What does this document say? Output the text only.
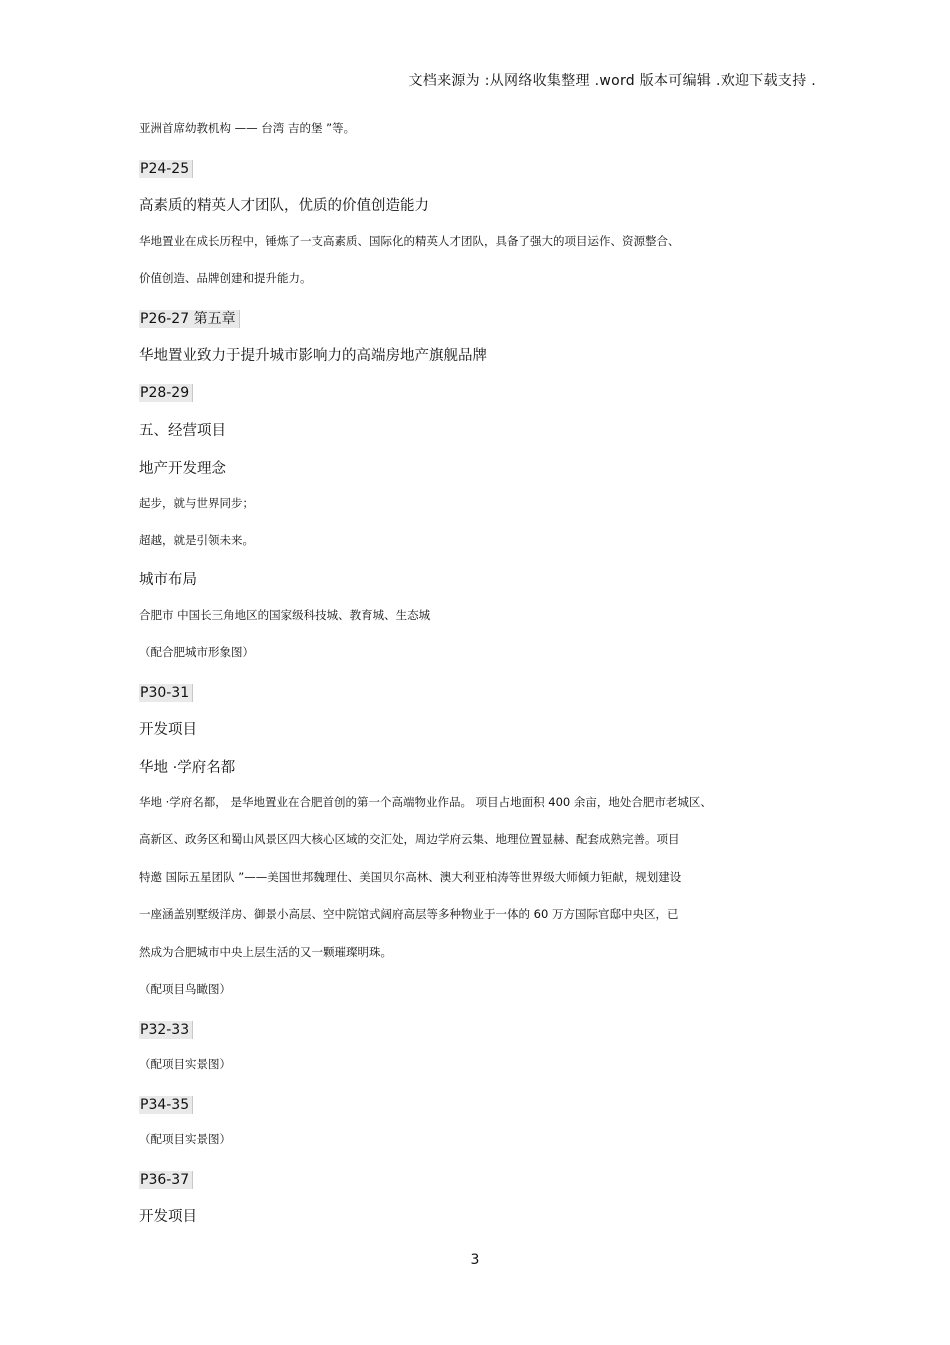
文档来源为 :从网络收集整理 .word 版本可编辑 .欢迎下载支持 .
亚洲首席幼教机构 —— 台湾 吉的堡 ”等。
P24-25
高素质的精英人才团队，优质的价值创造能力
华地置业在成长历程中，锤炼了一支高素质、国际化的精英人才团队，具备了强大的项目运作、资源整合、
价值创造、品牌创建和提升能力。
P26-27 第五章
华地置业致力于提升城市影响力的高端房地产旗舰品牌
P28-29
五、经营项目
地产开发理念
起步，就与世界同步；
超越，就是引领未来。
城市布局
合肥市 中国长三角地区的国家级科技城、教育城、生态城
（配合肥城市形象图）
P30-31
开发项目
华地 ·学府名都
华地 ·学府名都， 是华地置业在合肥首创的第一个高端物业作品。 项目占地面积 400 余亩，地处合肥市老城区、
高新区、政务区和蜀山风景区四大核心区域的交汇处，周边学府云集、地理位置显赫、配套成熟完善。项目
特邀 国际五星团队 ”——美国世邦魏理仕、美国贝尔高林、澳大利亚柏涛等世界级大师倾力钜献，规划建设
一座涵盖别墅级洋房、御景小高层、空中院馆式阔府高层等多种物业于一体的 60 万方国际官邸中央区，已
然成为合肥城市中央上层生活的又一颗璀璨明珠。
（配项目鸟瞰图）
P32-33
（配项目实景图）
P34-35
（配项目实景图）
P36-37
开发项目
3
